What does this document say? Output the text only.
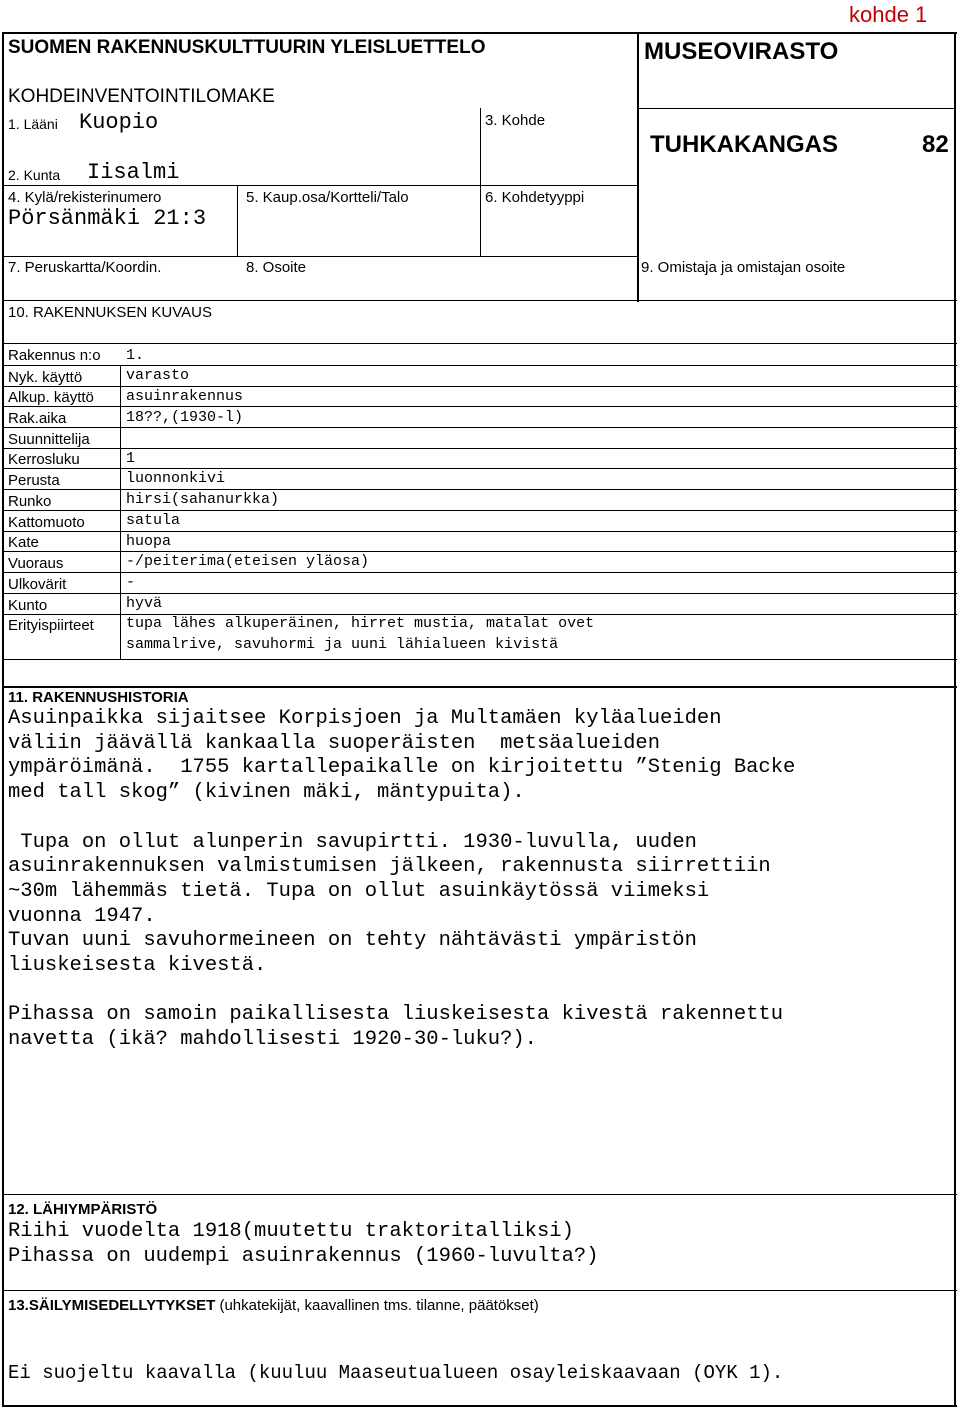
kohde 1
SUOMEN RAKENNUSKULTTUURIN YLEISLUETTELO
KOHDEINVENTOINTILOMAKE
MUSEOVIRASTO
TUHKAKANGAS	82
1. Lääni Kuopio
2. Kunta Iisalmi
3. Kohde
4. Kylä/rekisterinumero
Pörsänmäki 21:3
5. Kaup.osa/Kortteli/Talo	6. Kohdetyyppi
7. Peruskartta/Koordin.	8. Osoite	9. Omistaja ja omistajan osoite
10. RAKENNUKSEN KUVAUS
Rakennus n:o 1.
Nyk. käyttö	varasto
Alkup. käyttö asuinrakennus
Rak.aika	18??,(1930-l)
Suunnittelija
Kerrosluku	1
Perusta	luonnonkivi
Runko	hirsi(sahanurkka)
Kattomuoto	satula
Kate	huopa
Vuoraus	-/peiterima(eteisen yläosa)
Ulkovärit	-
Kunto	hyvä
Erityispiirteet tupa lähes alkuperäinen, hirret mustia, matalat ovet
sammalrive, savuhormi ja uuni lähialueen kivistä
11. RAKENNUSHISTORIA
Asuinpaikka sijaitsee Korpisjoen ja Multamäen kyläalueiden
väliin jäävällä kankaalla suoperäisten  metsäalueiden
ympäröimänä.  1755 kartallepaikalle on kirjoitettu ”Stenig Backe
med tall skog” (kivinen mäki, mäntypuita).

Tupa on ollut alunperin savupirtti. 1930-luvulla, uuden
asuinrakennuksen valmistumisen jälkeen, rakennusta siirrettiin
~30m lähemmäs tietä. Tupa on ollut asuinkäytössä viimeksi
vuonna 1947.
Tuvan uuni savuhormeineen on tehty nähtävästi ympäristön
liuskeisesta kivestä.

Pihassa on samoin paikallisesta liuskeisesta kivestä rakennettu
navetta (ikä? mahdollisesti 1920-30-luku?).
12. LÄHIYMPÄRISTÖ
Riihi vuodelta 1918(muutettu traktoritalliksi)
Pihassa on uudempi asuinrakennus (1960-luvulta?)
13.SÄILYMISEDELLYTYKSET (uhkatekijät, kaavallinen tms. tilanne, päätökset)
Ei suojeltu kaavalla (kuuluu Maaseutualueen osayleiskaavaan (OYK 1).
